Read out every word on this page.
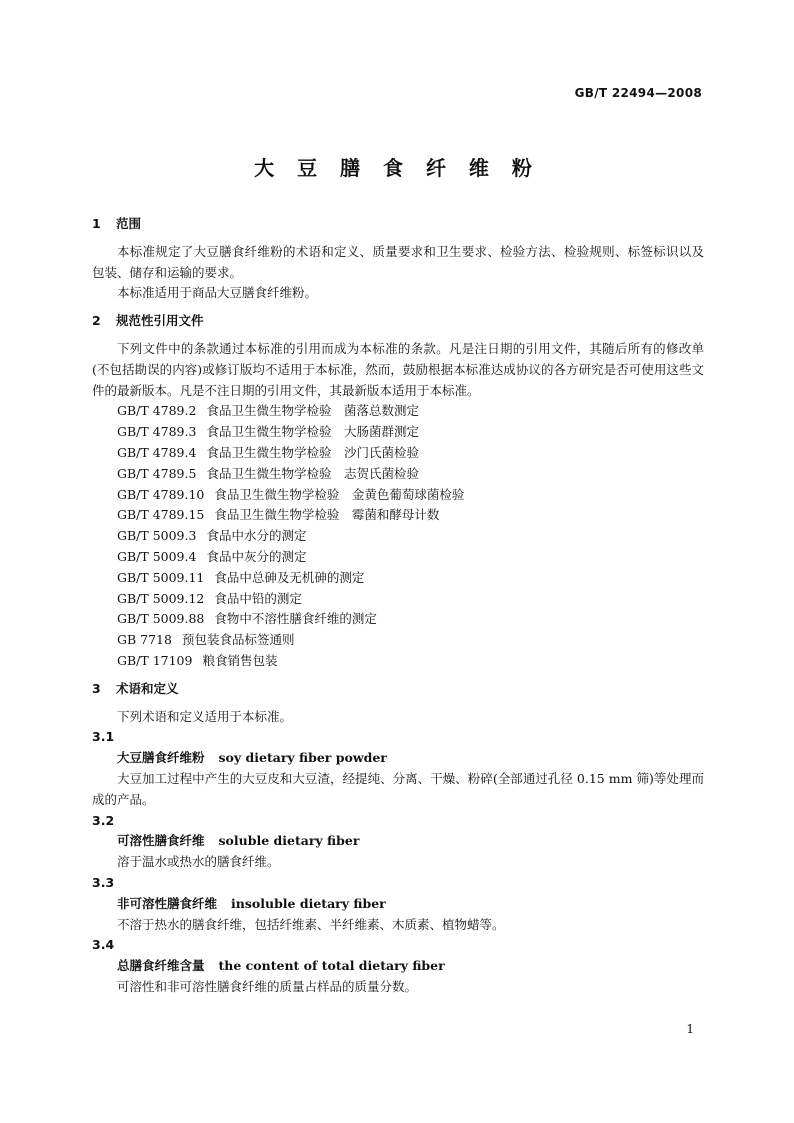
GB/T 22494—2008
大 豆 膳 食 纤 维 粉
1 范围

本标准规定了大豆膳食纤维粉的术语和定义、质量要求和卫生要求、检验方法、检验规则、标签标识以及包装、储存和运输的要求。

本标准适用于商品大豆膳食纤维粉。

2 规范性引用文件

下列文件中的条款通过本标准的引用而成为本标准的条款。凡是注日期的引用文件，其随后所有的修改单(不包括勘误的内容)或修订版均不适用于本标准，然而，鼓励根据本标准达成协议的各方研究是否可使用这些文件的最新版本。凡是不注日期的引用文件，其最新版本适用于本标准。

GB/T 4789.2 食品卫生微生物学检验　菌落总数测定

GB/T 4789.3 食品卫生微生物学检验　大肠菌群测定

GB/T 4789.4 食品卫生微生物学检验　沙门氏菌检验

GB/T 4789.5 食品卫生微生物学检验　志贺氏菌检验

GB/T 4789.10 食品卫生微生物学检验　金黄色葡萄球菌检验

GB/T 4789.15 食品卫生微生物学检验　霉菌和酵母计数

GB/T 5009.3 食品中水分的测定

GB/T 5009.4 食品中灰分的测定

GB/T 5009.11 食品中总砷及无机砷的测定

GB/T 5009.12 食品中铅的测定

GB/T 5009.88 食物中不溶性膳食纤维的测定

GB 7718 预包装食品标签通则

GB/T 17109 粮食销售包装

3 术语和定义

下列术语和定义适用于本标准。

3.1

大豆膳食纤维粉 soy dietary fiber powder

大豆加工过程中产生的大豆皮和大豆渣，经提纯、分离、干燥、粉碎(全部通过孔径 0.15 mm 筛)等处理而成的产品。

3.2

可溶性膳食纤维 soluble dietary fiber

溶于温水或热水的膳食纤维。

3.3

非可溶性膳食纤维 insoluble dietary fiber

不溶于热水的膳食纤维，包括纤维素、半纤维素、木质素、植物蜡等。

3.4

总膳食纤维含量 the content of total dietary fiber

可溶性和非可溶性膳食纤维的质量占样品的质量分数。

1
